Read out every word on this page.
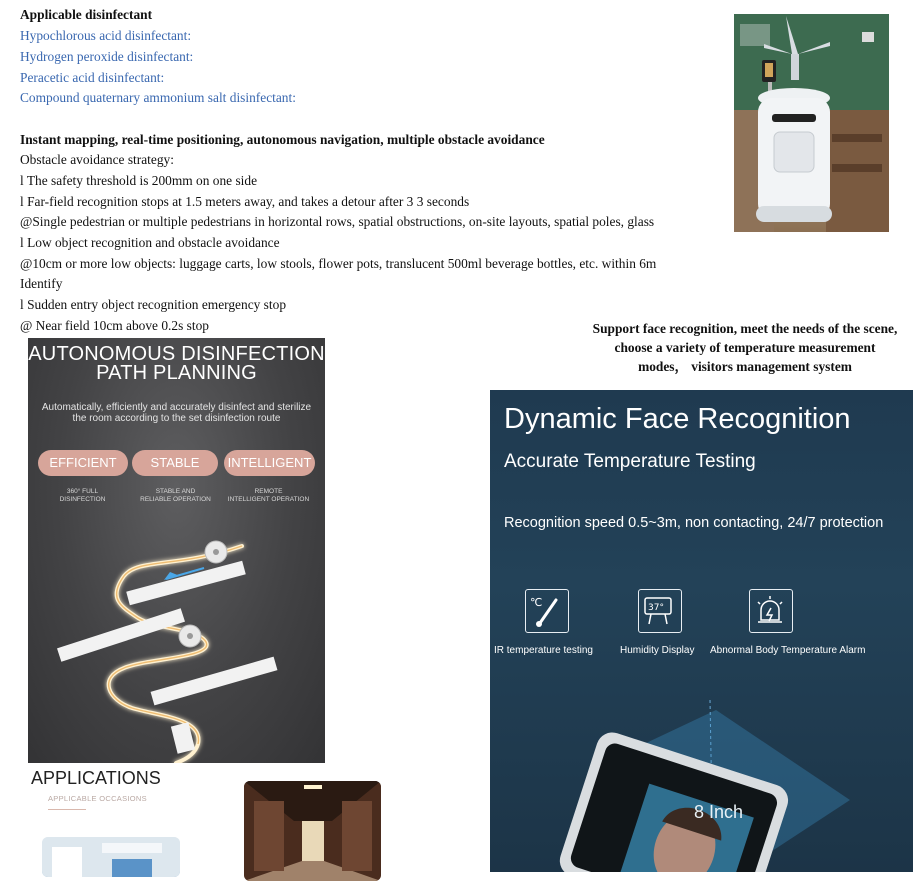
Applicable disinfectant
Hypochlorous acid disinfectant:
Hydrogen peroxide disinfectant:
Peracetic acid disinfectant:
Compound quaternary ammonium salt disinfectant:
Instant mapping, real-time positioning, autonomous navigation, multiple obstacle avoidance
Obstacle avoidance strategy:
l The safety threshold is 200mm on one side
l Far-field recognition stops at 1.5 meters away, and takes a detour after 3 3 seconds
@Single pedestrian or multiple pedestrians in horizontal rows, spatial obstructions, on-site layouts, spatial poles, glass
l Low object recognition and obstacle avoidance
@10cm or more low objects: luggage carts, low stools, flower pots, translucent 500ml beverage bottles, etc. within 6m
Identify
l Sudden entry object recognition emergency stop
@ Near field 10cm above 0.2s stop	Support face recognition, meet the needs of the scene,
choose a variety of temperature measurement
modes， visitors management system
AUTONOMOUS DISINFECTION
PATH PLANNING
Automatically, efficiently and accurately disinfect and sterilize the room according to the set disinfection route
EFFICIENT	STABLE	INTELLIGENT
360° FULL
DISINFECTION
STABLE AND
RELIABLE OPERATION
REMOTE
INTELLIGENT OPERATION
Dynamic Face Recognition
Accurate Temperature Testing
Recognition speed 0.5~3m, non contacting, 24/7 protection
℃	37°
IR temperature testing	Humidity Display Abnormal Body Temperature Alarm
8 Inch
APPLICATIONS
APPLICABLE OCCASIONS
